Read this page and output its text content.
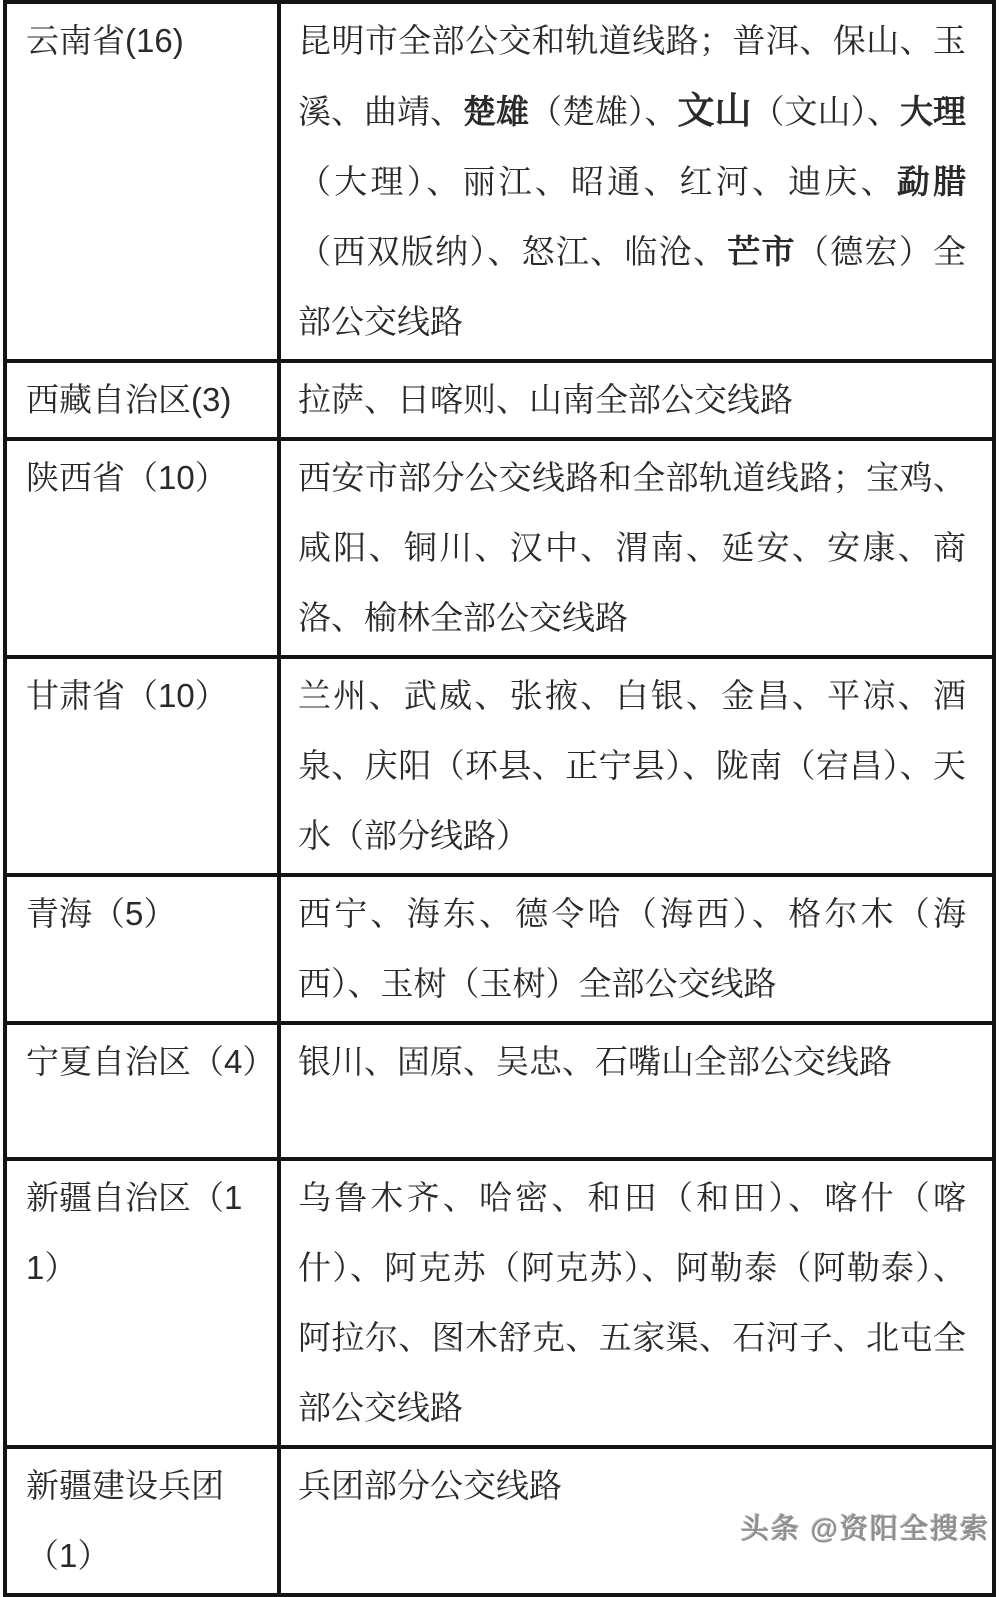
云南省(16)	昆明市全部公交和轨道线路；普洱、保山、玉溪、曲靖、楚雄（楚雄）、文山（文山）、大理（大理）、丽江、昭通、红河、迪庆、勐腊（西双版纳）、怒江、临沧、芒市（德宏）全部公交线路
西藏自治区(3)	拉萨、日喀则、山南全部公交线路
陕西省（10）	西安市部分公交线路和全部轨道线路；宝鸡、咸阳、铜川、汉中、渭南、延安、安康、商洛、榆林全部公交线路
甘肃省（10）	兰州、武威、张掖、白银、金昌、平凉、酒泉、庆阳（环县、正宁县）、陇南（宕昌）、天水（部分线路）
青海（5）	西宁、海东、德令哈（海西）、格尔木（海西）、玉树（玉树）全部公交线路
宁夏自治区（4）	银川、固原、吴忠、石嘴山全部公交线路
新疆自治区（11）	乌鲁木齐、哈密、和田（和田）、喀什（喀什）、阿克苏（阿克苏）、阿勒泰（阿勒泰）、阿拉尔、图木舒克、五家渠、石河子、北屯全部公交线路
新疆建设兵团（1）	兵团部分公交线路
头条 @资阳全搜索
